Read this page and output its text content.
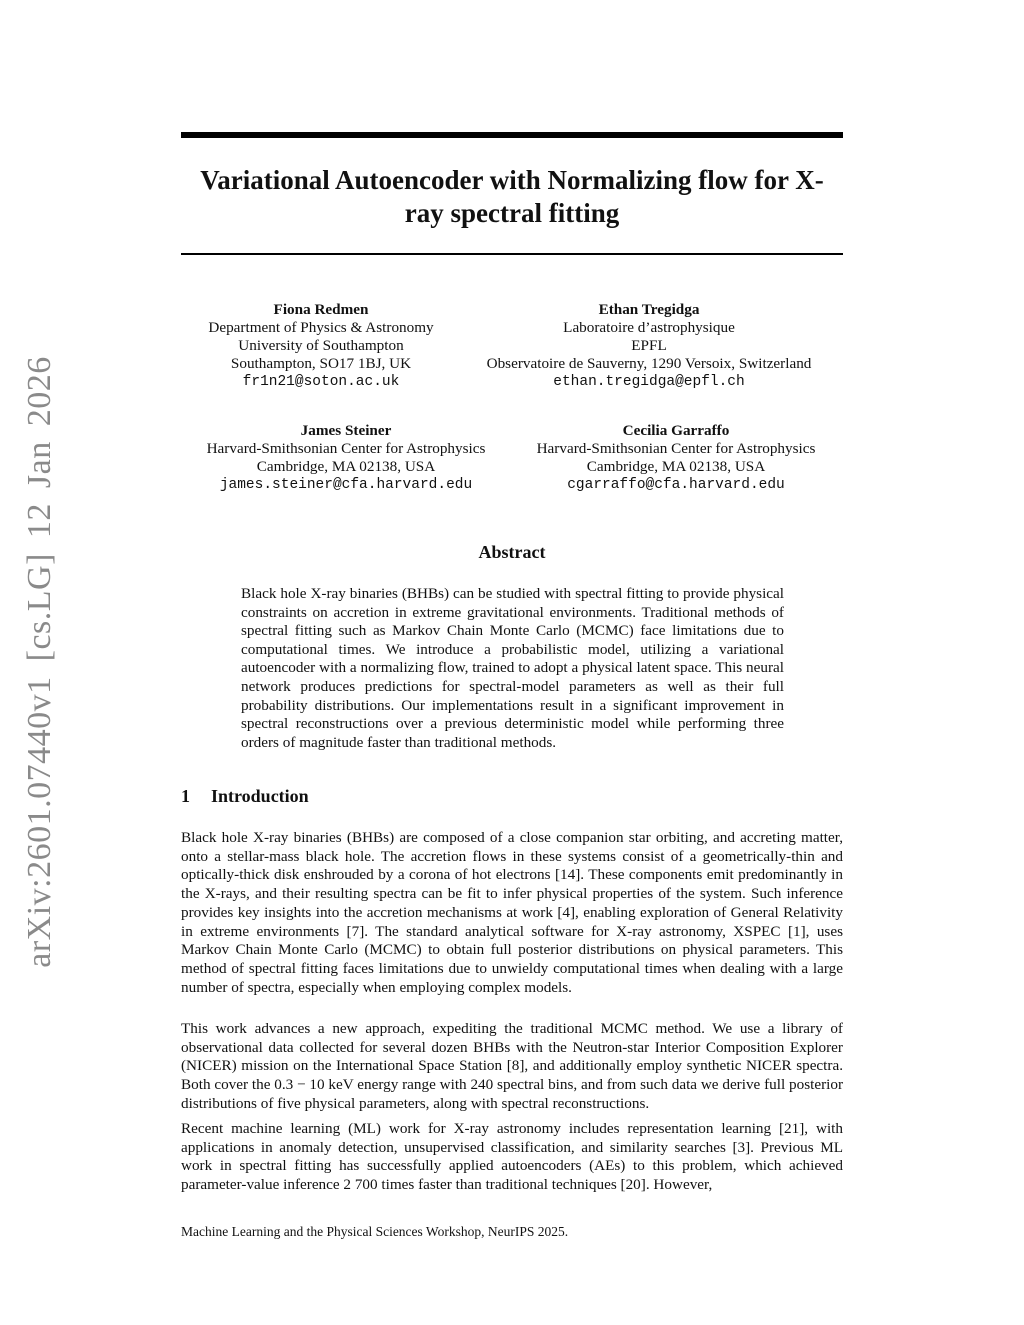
arXiv:2601.07440v1 [cs.LG] 12 Jan 2026
Variational Autoencoder with Normalizing flow for X-ray spectral fitting
Fiona Redmen
Department of Physics & Astronomy
University of Southampton
Southampton, SO17 1BJ, UK
fr1n21@soton.ac.uk
Ethan Tregidga
Laboratoire d’astrophysique
EPFL
Observatoire de Sauverny, 1290 Versoix, Switzerland
ethan.tregidga@epfl.ch
James Steiner
Harvard-Smithsonian Center for Astrophysics
Cambridge, MA 02138, USA
james.steiner@cfa.harvard.edu
Cecilia Garraffo
Harvard-Smithsonian Center for Astrophysics
Cambridge, MA 02138, USA
cgarraffo@cfa.harvard.edu
Abstract

Black hole X-ray binaries (BHBs) can be studied with spectral fitting to provide physical constraints on accretion in extreme gravitational environments. Traditional methods of spectral fitting such as Markov Chain Monte Carlo (MCMC) face limitations due to computational times. We introduce a probabilistic model, utilizing a variational autoencoder with a normalizing flow, trained to adopt a physical latent space. This neural network produces predictions for spectral-model parameters as well as their full probability distributions. Our implementations result in a significant improvement in spectral reconstructions over a previous deterministic model while performing three orders of magnitude faster than traditional methods.

1 Introduction

Black hole X-ray binaries (BHBs) are composed of a close companion star orbiting, and accreting matter, onto a stellar-mass black hole. The accretion flows in these systems consist of a geometrically-thin and optically-thick disk enshrouded by a corona of hot electrons [14]. These components emit predominantly in the X-rays, and their resulting spectra can be fit to infer physical properties of the system. Such inference provides key insights into the accretion mechanisms at work [4], enabling exploration of General Relativity in extreme environments [7]. The standard analytical software for X-ray astronomy, XSPEC [1], uses Markov Chain Monte Carlo (MCMC) to obtain full posterior distributions on physical parameters. This method of spectral fitting faces limitations due to unwieldy computational times when dealing with a large number of spectra, especially when employing complex models.

This work advances a new approach, expediting the traditional MCMC method. We use a library of observational data collected for several dozen BHBs with the Neutron-star Interior Composition Explorer (NICER) mission on the International Space Station [8], and additionally employ synthetic NICER spectra. Both cover the 0.3 − 10 keV energy range with 240 spectral bins, and from such data we derive full posterior distributions of five physical parameters, along with spectral reconstructions.

Recent machine learning (ML) work for X-ray astronomy includes representation learning [21], with applications in anomaly detection, unsupervised classification, and similarity searches [3]. Previous ML work in spectral fitting has successfully applied autoencoders (AEs) to this problem, which achieved parameter-value inference 2 700 times faster than traditional techniques [20]. However,

Machine Learning and the Physical Sciences Workshop, NeurIPS 2025.
